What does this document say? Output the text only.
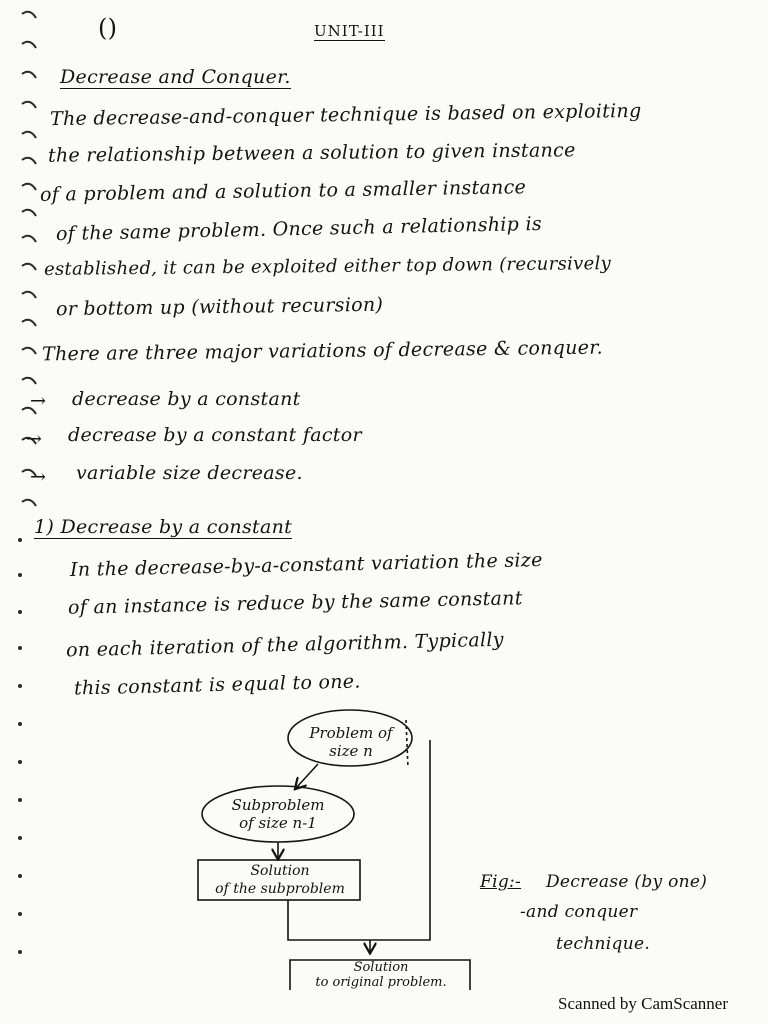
()	UNIT-III
Decrease and Conquer.
The decrease-and-conquer technique is based on exploiting
the relationship between a solution to given instance
of a problem and a solution to a smaller instance
of the same problem. Once such a relationship is
established, it can be exploited either top down (recursively
or bottom up (without recursion)
There are three major variations of decrease & conquer.
→ decrease by a constant
→ decrease by a constant factor
→ variable size decrease.
1) Decrease by a constant
In the decrease-by-a-constant variation the size
of an instance is reduce by the same constant
on each iteration of the algorithm. Typically
this constant is equal to one.
Problem of
size n
Subproblem
of size n-1
Solution
of the subproblem
Solution
to original problem.
Fig:- Decrease (by one)
-and conquer
technique.
Scanned by CamScanner
